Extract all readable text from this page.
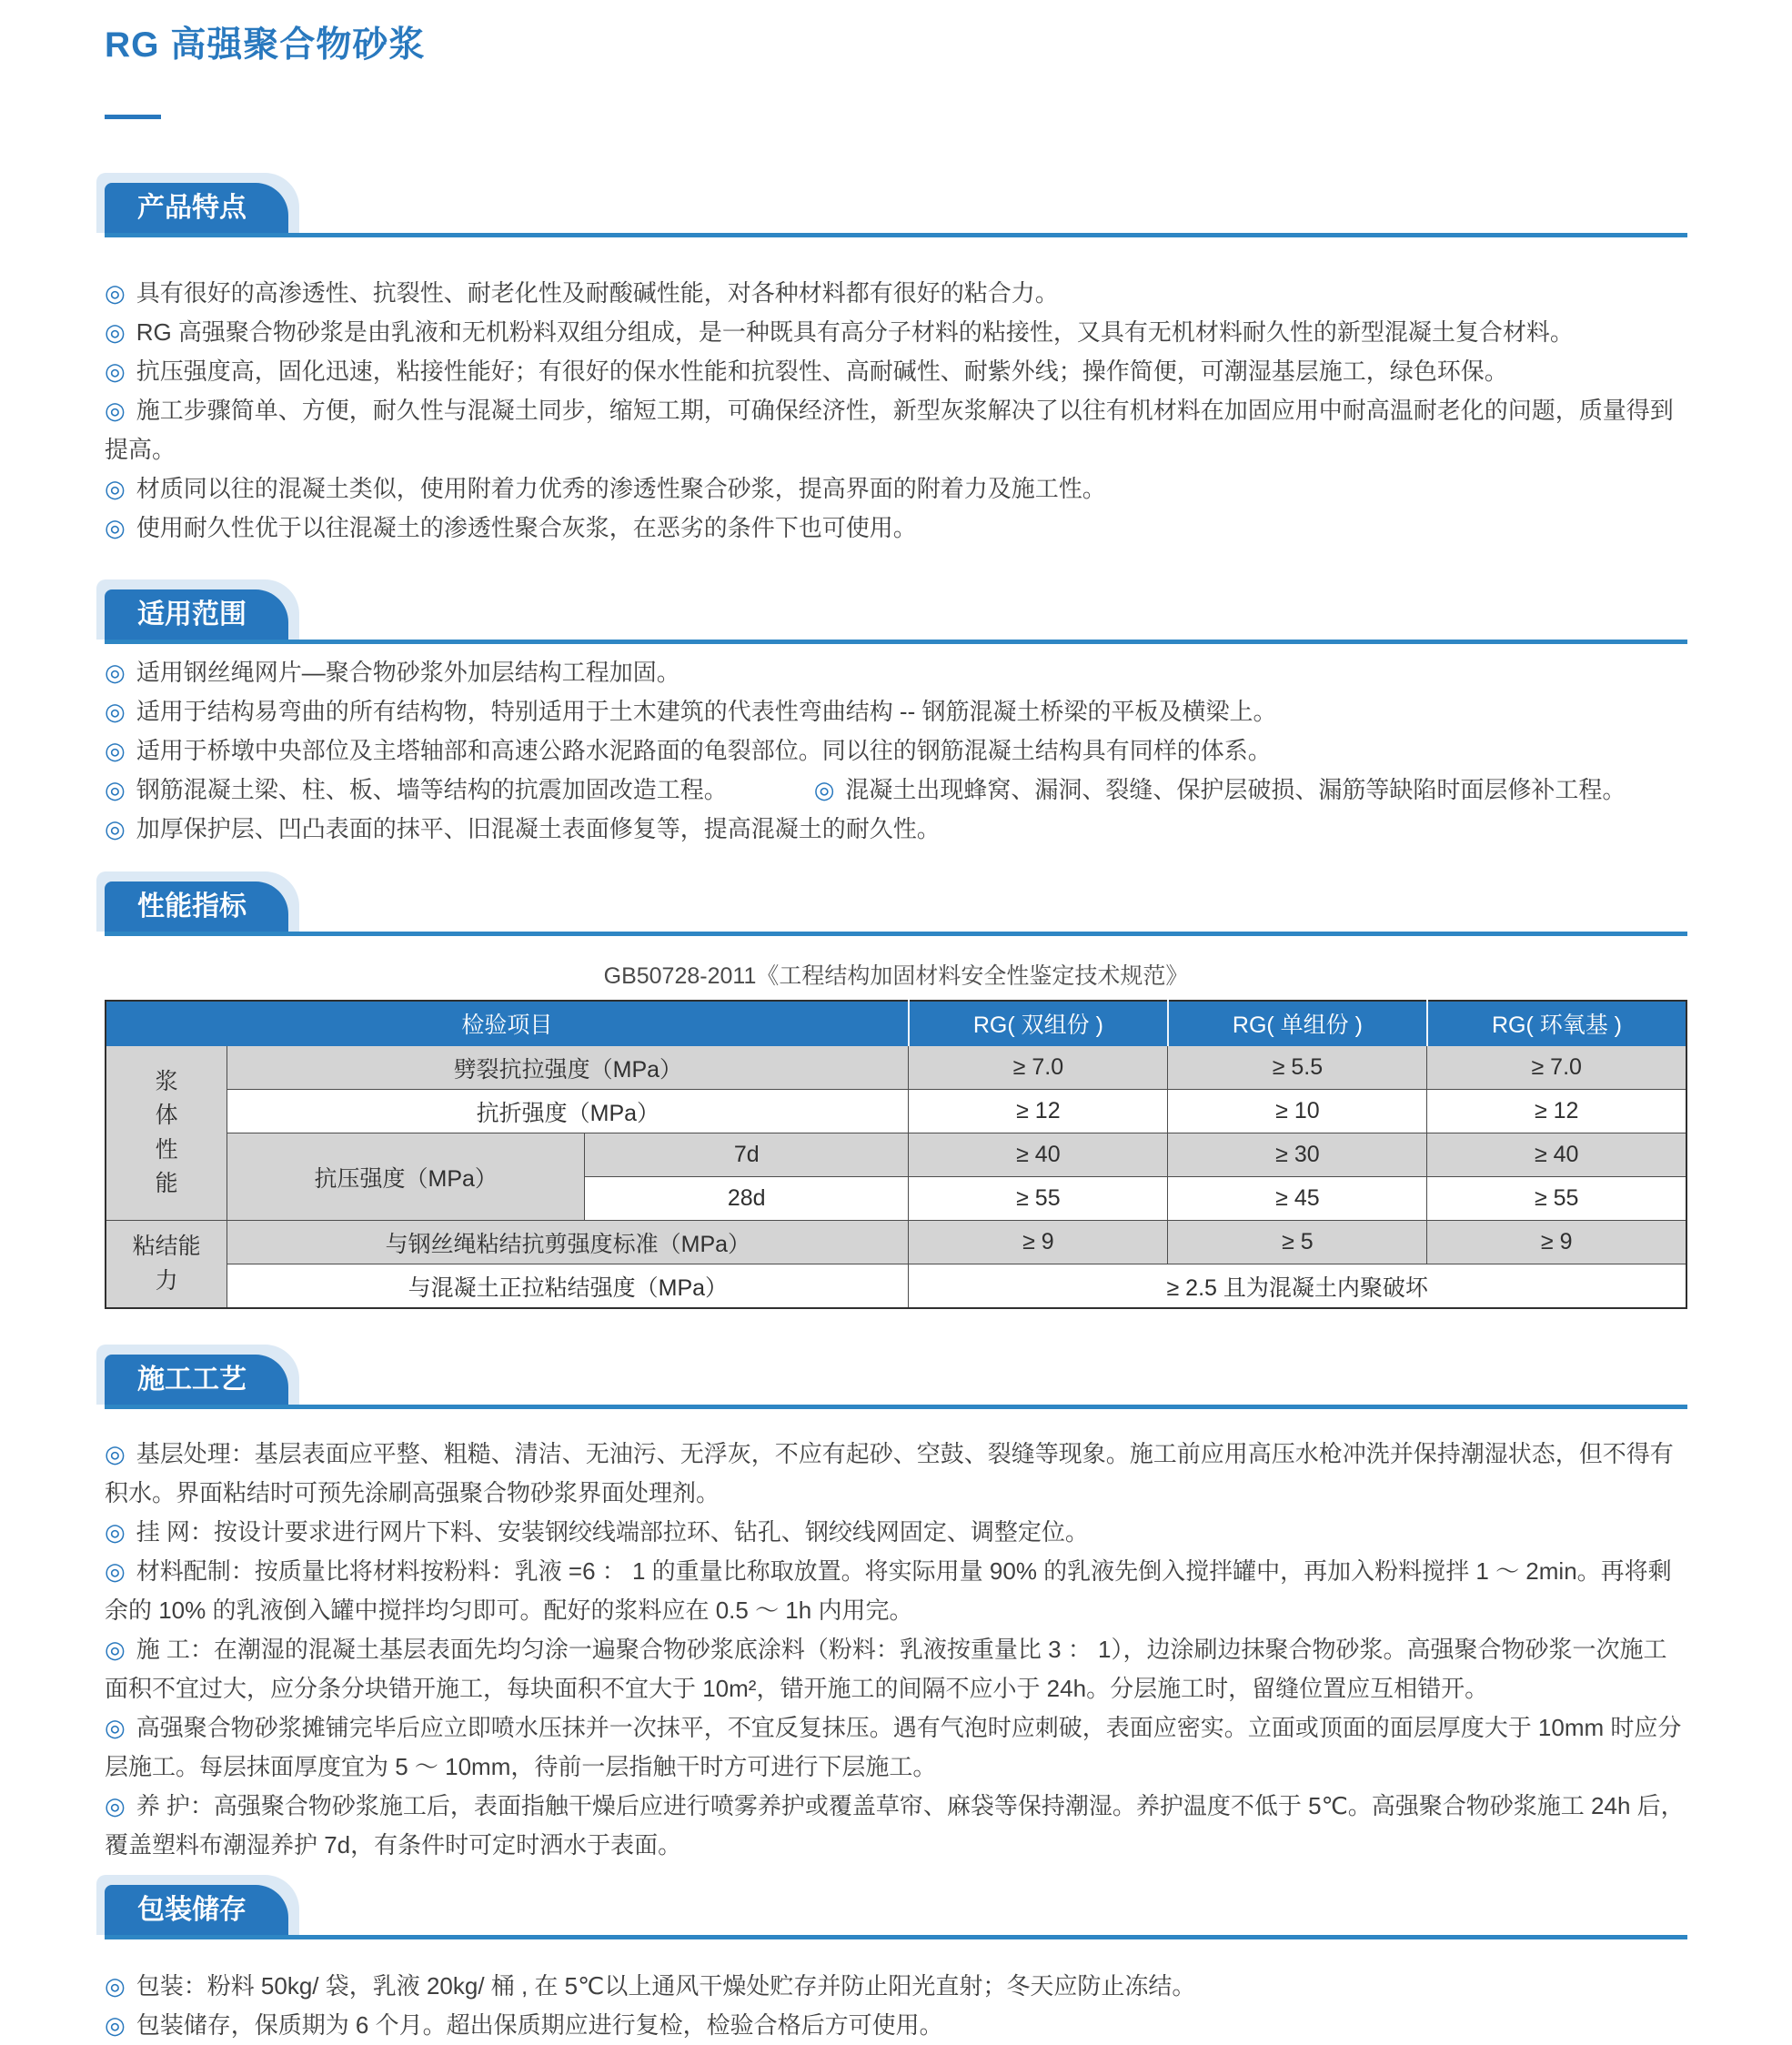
RG 高强聚合物砂浆
产品特点

◎ 具有很好的高渗透性、抗裂性、耐老化性及耐酸碱性能，对各种材料都有很好的粘合力。

◎ RG 高强聚合物砂浆是由乳液和无机粉料双组分组成，是一种既具有高分子材料的粘接性，又具有无机材料耐久性的新型混凝土复合材料。

◎ 抗压强度高，固化迅速，粘接性能好；有很好的保水性能和抗裂性、高耐碱性、耐紫外线；操作简便，可潮湿基层施工，绿色环保。

◎ 施工步骤简单、方便，耐久性与混凝土同步，缩短工期，可确保经济性，新型灰浆解决了以往有机材料在加固应用中耐高温耐老化的问题，质量得到提高。

◎ 材质同以往的混凝土类似，使用附着力优秀的渗透性聚合砂浆，提高界面的附着力及施工性。

◎ 使用耐久性优于以往混凝土的渗透性聚合灰浆，在恶劣的条件下也可使用。

适用范围

◎ 适用钢丝绳网片—聚合物砂浆外加层结构工程加固。

◎ 适用于结构易弯曲的所有结构物，特别适用于土木建筑的代表性弯曲结构 -- 钢筋混凝土桥梁的平板及横梁上。

◎ 适用于桥墩中央部位及主塔轴部和高速公路水泥路面的龟裂部位。同以往的钢筋混凝土结构具有同样的体系。

◎ 钢筋混凝土梁、柱、板、墙等结构的抗震加固改造工程。	◎ 混凝土出现蜂窝、漏洞、裂缝、保护层破损、漏筋等缺陷时面层修补工程。

◎ 加厚保护层、凹凸表面的抹平、旧混凝土表面修复等，提高混凝土的耐久性。

性能指标
GB50728-2011《工程结构加固材料安全性鉴定技术规范》
检验项目			RG( 双组份 )	RG( 单组份 )	RG( 环氧基 )
浆体性能	劈裂抗拉强度（MPa）		≥ 7.0	≥ 5.5	≥ 7.0
	抗折强度（MPa）		≥ 12	≥ 10	≥ 12
	抗压强度（MPa）	7d	≥ 40	≥ 30	≥ 40
		28d	≥ 55	≥ 45	≥ 55
粘结能力	与钢丝绳粘结抗剪强度标准（MPa）		≥ 9	≥ 5	≥ 9
	与混凝土正拉粘结强度（MPa）		≥ 2.5 且为混凝土内聚破坏		
施工工艺

◎ 基层处理：基层表面应平整、粗糙、清洁、无油污、无浮灰，不应有起砂、空鼓、裂缝等现象。施工前应用高压水枪冲洗并保持潮湿状态，但不得有积水。界面粘结时可预先涂刷高强聚合物砂浆界面处理剂。

◎ 挂 网：按设计要求进行网片下料、安装钢绞线端部拉环、钻孔、钢绞线网固定、调整定位。

◎ 材料配制：按质量比将材料按粉料：乳液 =6 ： 1 的重量比称取放置。将实际用量 90% 的乳液先倒入搅拌罐中，再加入粉料搅拌 1 ～ 2min。再将剩余的 10% 的乳液倒入罐中搅拌均匀即可。配好的浆料应在 0.5 ～ 1h 内用完。

◎ 施 工：在潮湿的混凝土基层表面先均匀涂一遍聚合物砂浆底涂料（粉料：乳液按重量比 3 ： 1），边涂刷边抹聚合物砂浆。高强聚合物砂浆一次施工面积不宜过大，应分条分块错开施工，每块面积不宜大于 10m²，错开施工的间隔不应小于 24h。分层施工时，留缝位置应互相错开。

◎ 高强聚合物砂浆摊铺完毕后应立即喷水压抹并一次抹平，不宜反复抹压。遇有气泡时应刺破，表面应密实。立面或顶面的面层厚度大于 10mm 时应分层施工。每层抹面厚度宜为 5 ～ 10mm，待前一层指触干时方可进行下层施工。

◎ 养 护：高强聚合物砂浆施工后，表面指触干燥后应进行喷雾养护或覆盖草帘、麻袋等保持潮湿。养护温度不低于 5℃。高强聚合物砂浆施工 24h 后，覆盖塑料布潮湿养护 7d，有条件时可定时洒水于表面。

包装储存

◎ 包装：粉料 50kg/ 袋，乳液 20kg/ 桶 , 在 5℃以上通风干燥处贮存并防止阳光直射；冬天应防止冻结。

◎ 包装储存，保质期为 6 个月。超出保质期应进行复检，检验合格后方可使用。
